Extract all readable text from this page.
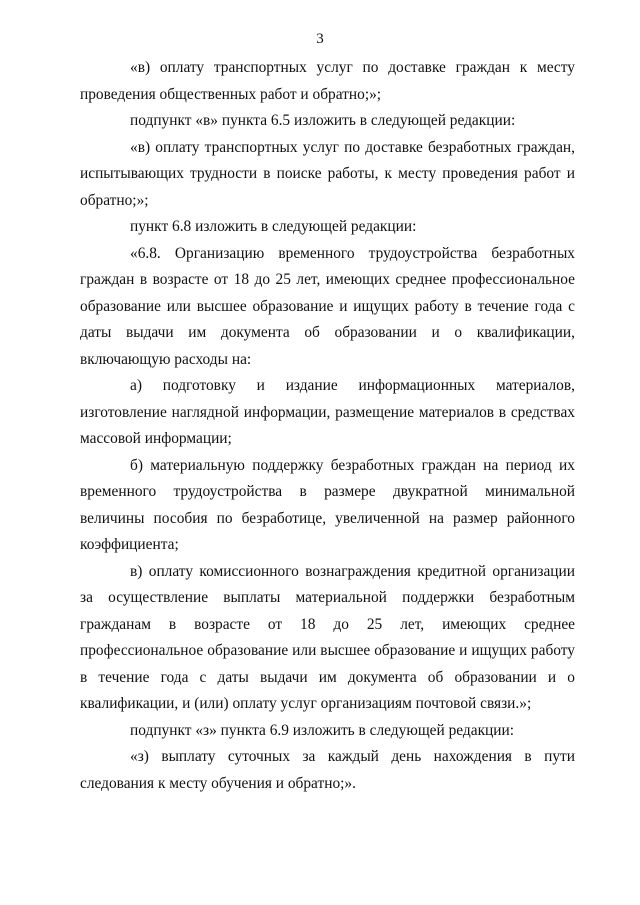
3

«в) оплату транспортных услуг по доставке граждан к месту проведения общественных работ и обратно;»;

подпункт «в» пункта 6.5 изложить в следующей редакции:

«в) оплату транспортных услуг по доставке безработных граждан, испытывающих трудности в поиске работы, к месту проведения работ и обратно;»;

пункт 6.8 изложить в следующей редакции:

«6.8. Организацию временного трудоустройства безработных граждан в возрасте от 18 до 25 лет, имеющих среднее профессиональное образование или высшее образование и ищущих работу в течение года с даты выдачи им документа об образовании и о квалификации, включающую расходы на:

а) подготовку и издание информационных материалов, изготовление наглядной информации, размещение материалов в средствах массовой информации;

б) материальную поддержку безработных граждан на период их временного трудоустройства в размере двукратной минимальной величины пособия по безработице, увеличенной на размер районного коэффициента;

в) оплату комиссионного вознаграждения кредитной организации за осуществление выплаты материальной поддержки безработным гражданам в возрасте от 18 до 25 лет, имеющих среднее профессиональное образование или высшее образование и ищущих работу в течение года с даты выдачи им документа об образовании и о квалификации, и (или) оплату услуг организациям почтовой связи.»;

подпункт «з» пункта 6.9 изложить в следующей редакции:

«з) выплату суточных за каждый день нахождения в пути следования к месту обучения и обратно;».
